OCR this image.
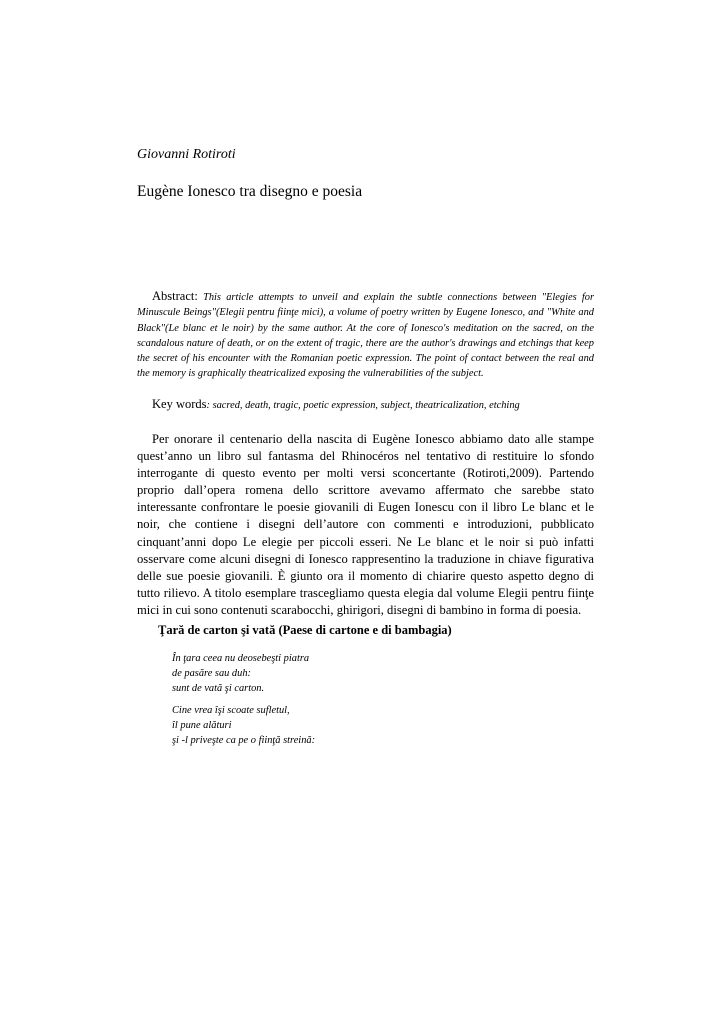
Giovanni Rotiroti
Eugène Ionesco tra disegno e poesia
Abstract: This article attempts to unveil and explain the subtle connections between "Elegies for Minuscule Beings"(Elegii pentru fiinţe mici), a volume of poetry written by Eugene Ionesco, and "White and Black"(Le blanc et le noir) by the same author. At the core of Ionesco's meditation on the sacred, on the scandalous nature of death, or on the extent of tragic, there are the author's drawings and etchings that keep the secret of his encounter with the Romanian poetic expression. The point of contact between the real and the memory is graphically theatricalized exposing the vulnerabilities of the subject.
Key words: sacred, death, tragic, poetic expression, subject, theatricalization, etching
Per onorare il centenario della nascita di Eugène Ionesco abbiamo dato alle stampe quest’anno un libro sul fantasma del Rhinocéros nel tentativo di restituire lo sfondo interrogante di questo evento per molti versi sconcertante (Rotiroti,2009). Partendo proprio dall’opera romena dello scrittore avevamo affermato che sarebbe stato interessante confrontare le poesie giovanili di Eugen Ionescu con il libro Le blanc et le noir, che contiene i disegni dell’autore con commenti e introduzioni, pubblicato cinquant’anni dopo Le elegie per piccoli esseri. Ne Le blanc et le noir si può infatti osservare come alcuni disegni di Ionesco rappresentino la traduzione in chiave figurativa delle sue poesie giovanili. È giunto ora il momento di chiarire questo aspetto degno di tutto rilievo. A titolo esemplare trascegliamo questa elegia dal volume Elegii pentru fiinţe mici in cui sono contenuti scarabocchi, ghirigori, disegni di bambino in forma di poesia.
Ţară de carton şi vată (Paese di cartone e di bambagia)
În ţara ceea nu deosebeşti piatra
de pasăre sau duh:
sunt de vată şi carton.
Cine vrea îşi scoate sufletul,
îl pune alături
şi -l priveşte ca pe o fiinţă streină:
